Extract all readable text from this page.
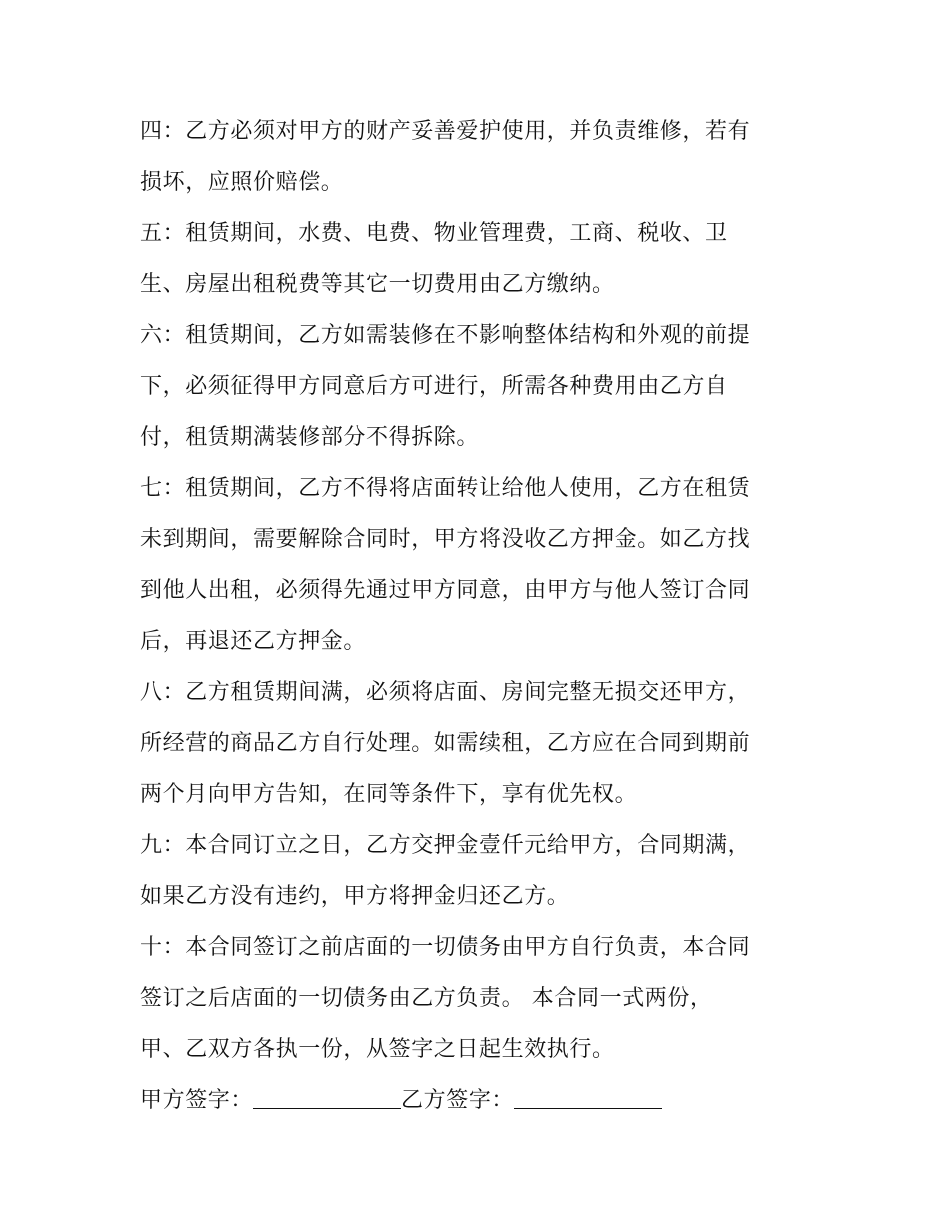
四：乙方必须对甲方的财产妥善爱护使用，并负责维修，若有
损坏，应照价赔偿。
五：租赁期间，水费、电费、物业管理费，工商、税收、卫
生、房屋出租税费等其它一切费用由乙方缴纳。
六：租赁期间，乙方如需装修在不影响整体结构和外观的前提
下，必须征得甲方同意后方可进行，所需各种费用由乙方自
付，租赁期满装修部分不得拆除。
七：租赁期间，乙方不得将店面转让给他人使用，乙方在租赁
未到期间，需要解除合同时，甲方将没收乙方押金。如乙方找
到他人出租，必须得先通过甲方同意，由甲方与他人签订合同
后，再退还乙方押金。
八：乙方租赁期间满，必须将店面、房间完整无损交还甲方，
所经营的商品乙方自行处理。如需续租，乙方应在合同到期前
两个月向甲方告知，在同等条件下，享有优先权。
九：本合同订立之日，乙方交押金壹仟元给甲方，合同期满，
如果乙方没有违约，甲方将押金归还乙方。
十：本合同签订之前店面的一切债务由甲方自行负责，本合同
签订之后店面的一切债务由乙方负责。 本合同一式两份，
甲、乙双方各执一份，从签字之日起生效执行。
甲方签字：	乙方签字：
